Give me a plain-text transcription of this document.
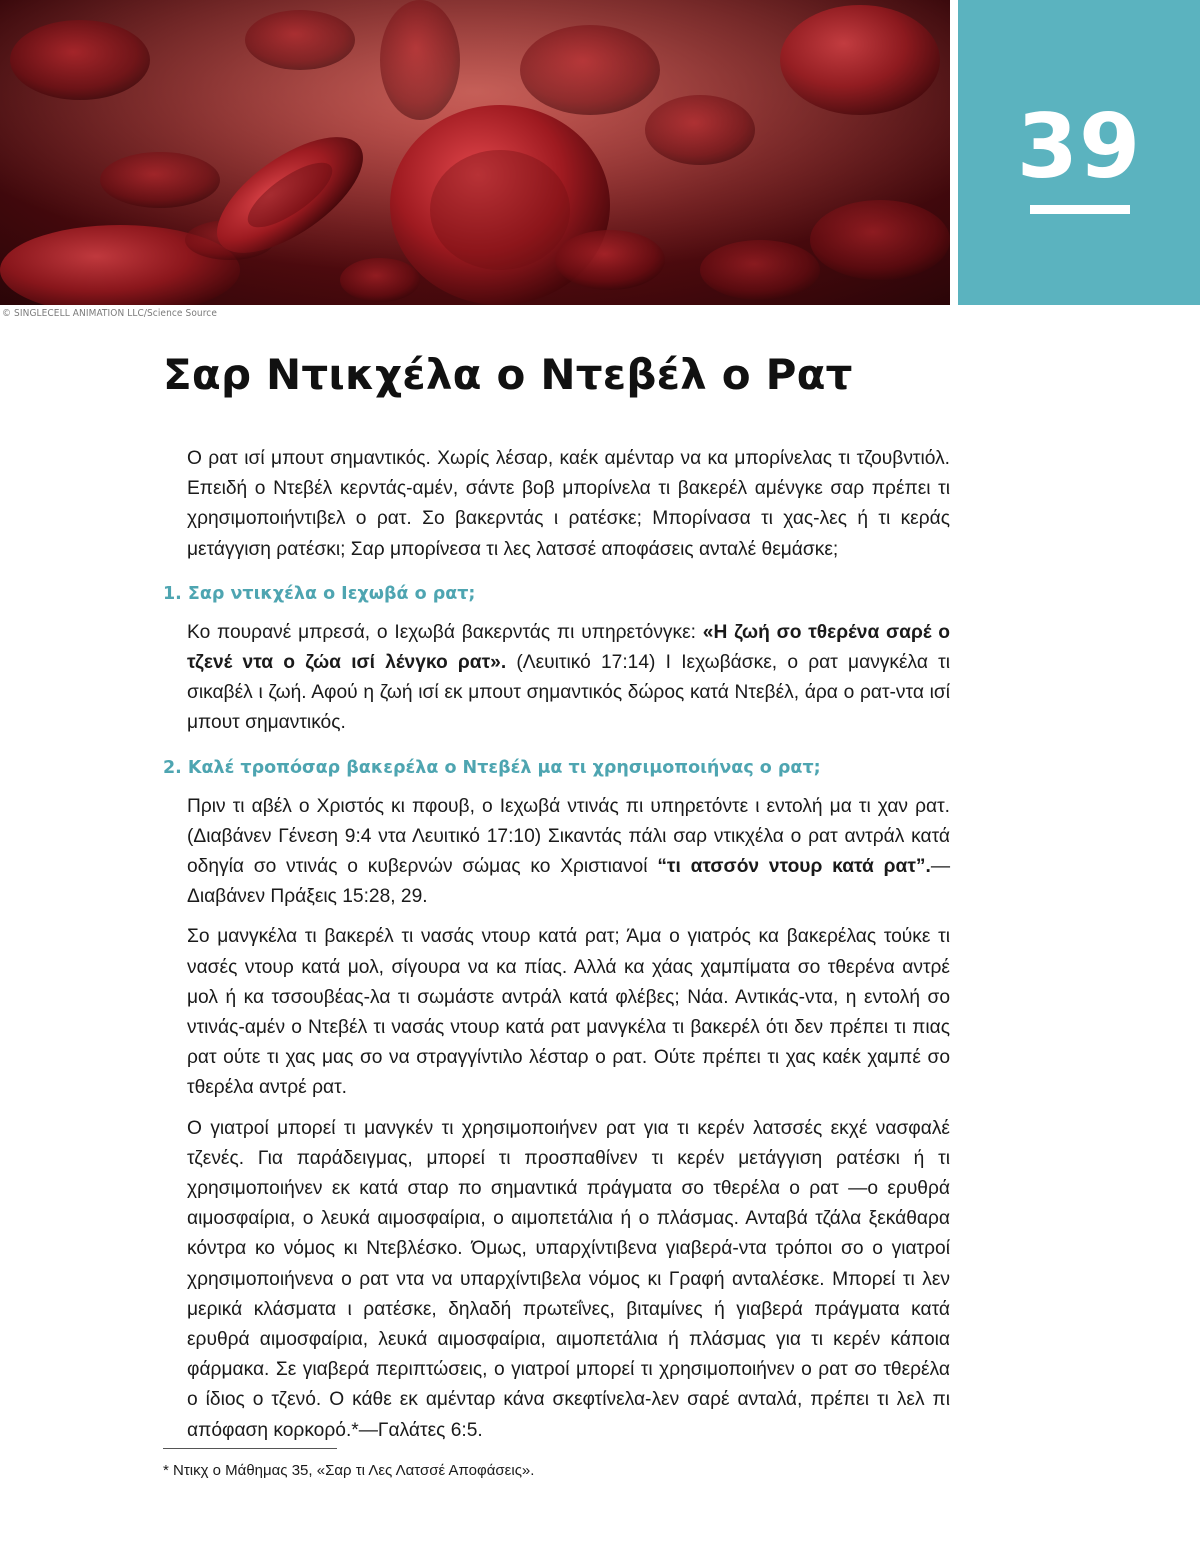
39
© SINGLECELL ANIMATION LLC/Science Source
Σαρ Ντικχέλα ο Ντεβέλ ο Ρατ

Ο ρατ ισί μπουτ σημαντικός. Χωρίς λέσαρ, καέκ αμένταρ να κα μπορίνελας τι τζουβντιόλ. Επειδή ο Ντεβέλ κερντάς-αμέν, σάντε βοβ μπορίνελα τι βακερέλ αμένγκε σαρ πρέπει τι χρησιμοποιήντιβελ ο ρατ. Σο βακερντάς ι ρατέσκε; Μπορίνασα τι χας-λες ή τι κεράς μετάγγιση ρατέσκι; Σαρ μπορίνεσα τι λες λατσσέ αποφάσεις ανταλέ θεμάσκε;

1. Σαρ ντικχέλα ο Ιεχωβά ο ρατ;

Κο πουρανέ μπρεσά, ο Ιεχωβά βακερντάς πι υπηρετόνγκε: «Η ζωή σο τθερένα σαρέ ο τζενέ ντα ο ζώα ισί λένγκο ρατ». (Λευιτικό 17:14) Ι Ιεχωβάσκε, ο ρατ μανγκέλα τι σικαβέλ ι ζωή. Αφού η ζωή ισί εκ μπουτ σημαντικός δώρος κατά Ντεβέλ, άρα ο ρατ-ντα ισί μπουτ σημαντικός.

2. Καλέ τροπόσαρ βακερέλα ο Ντεβέλ μα τι χρησιμοποιήνας ο ρατ;

Πριν τι αβέλ ο Χριστός κι πφουβ, ο Ιεχωβά ντινάς πι υπηρετόντε ι εντολή μα τι χαν ρατ. (Διαβάνεν Γένεση 9:4 ντα Λευιτικό 17:10) Σικαντάς πάλι σαρ ντικχέλα ο ρατ αντράλ κατά οδηγία σο ντινάς ο κυβερνών σώμας κο Χριστιανοί “τι ατσσόν ντουρ κατά ρατ”.—Διαβάνεν Πράξεις 15:28, 29.

Σο μανγκέλα τι βακερέλ τι νασάς ντουρ κατά ρατ; Άμα ο γιατρός κα βακερέλας τούκε τι νασές ντουρ κατά μολ, σίγουρα να κα πίας. Αλλά κα χάας χαμπίματα σο τθερένα αντρέ μολ ή κα τσσουβέας-λα τι σωμάστε αντράλ κατά φλέβες; Νάα. Αντικάς-ντα, η εντολή σο ντινάς-αμέν ο Ντεβέλ τι νασάς ντουρ κατά ρατ μανγκέλα τι βακερέλ ότι δεν πρέπει τι πιας ρατ ούτε τι χας μας σο να στραγγίντιλο λέσταρ ο ρατ. Ούτε πρέπει τι χας καέκ χαμπέ σο τθερέλα αντρέ ρατ.

Ο γιατροί μπορεί τι μανγκέν τι χρησιμοποιήνεν ρατ για τι κερέν λατσσές εκχέ νασφαλέ τζενές. Για παράδειγμας, μπορεί τι προσπαθίνεν τι κερέν μετάγγιση ρατέσκι ή τι χρησιμοποιήνεν εκ κατά σταρ πο σημαντικά πράγματα σο τθερέλα ο ρατ —ο ερυθρά αιμοσφαίρια, ο λευκά αιμοσφαίρια, ο αιμοπετάλια ή ο πλάσμας. Ανταβά τζάλα ξεκάθαρα κόντρα κο νόμος κι Ντεβλέσκο. Όμως, υπαρχίντιβενα γιαβερά-ντα τρόποι σο ο γιατροί χρησιμοποιήνενα ο ρατ ντα να υπαρχίντιβελα νόμος κι Γραφή ανταλέσκε. Μπορεί τι λεν μερικά κλάσματα ι ρατέσκε, δηλαδή πρωτεΐνες, βιταμίνες ή γιαβερά πράγματα κατά ερυθρά αιμοσφαίρια, λευκά αιμοσφαίρια, αιμοπετάλια ή πλάσμας για τι κερέν κάποια φάρμακα. Σε γιαβερά περιπτώσεις, ο γιατροί μπορεί τι χρησιμοποιήνεν ο ρατ σο τθερέλα ο ίδιος ο τζενό. Ο κάθε εκ αμένταρ κάνα σκεφτίνελα-λεν σαρέ ανταλά, πρέπει τι λελ πι απόφαση κορκορό.*—Γαλάτες 6:5.

* Ντικχ ο Μάθημας 35, «Σαρ τι Λες Λατσσέ Αποφάσεις».
